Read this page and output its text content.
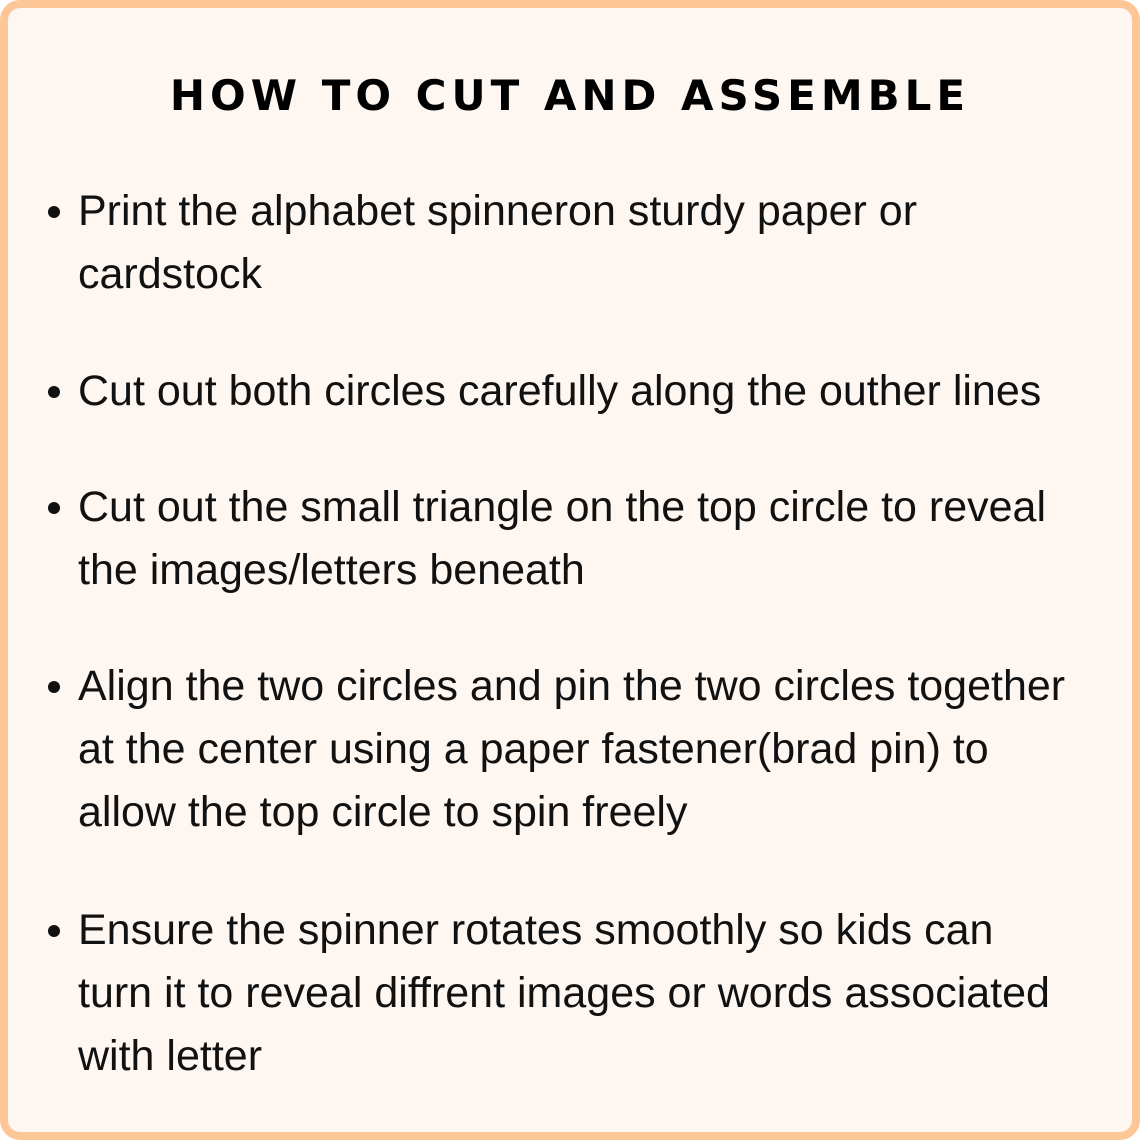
HOW TO CUT AND ASSEMBLE
Print the alphabet spinneron sturdy paper or
cardstock
Cut out both circles carefully along the outher lines
Cut out the small triangle on the top circle to reveal
the images/letters beneath
Align the two circles and pin the two circles together
at the center using a paper fastener(brad pin) to
allow the top circle to spin freely
Ensure the spinner rotates smoothly so kids can
turn it to reveal diffrent images or words associated
with letter
